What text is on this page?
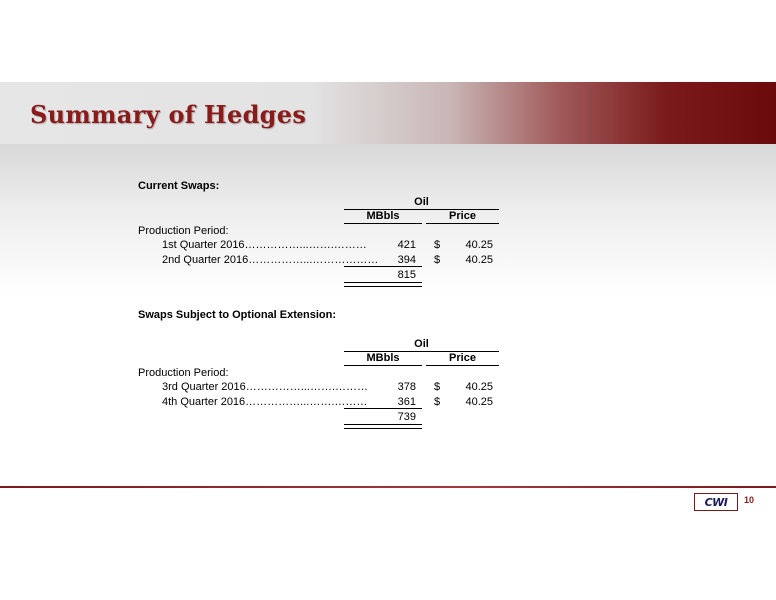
Summary of Hedges
Current Swaps:
Oil
MBbls	Price
Production Period:
1st Quarter 2016……………...…….………	421 $	40.25
2nd Quarter 2016……………...………………	394	$	40.25
815
Swaps Subject to Optional Extension:
Oil
MBbls	Price
Production Period:
3rd Quarter 2016……………...…….………	378 $	40.25
4th Quarter 2016……………...…….………	361	$	40.25
739
CWI 10
